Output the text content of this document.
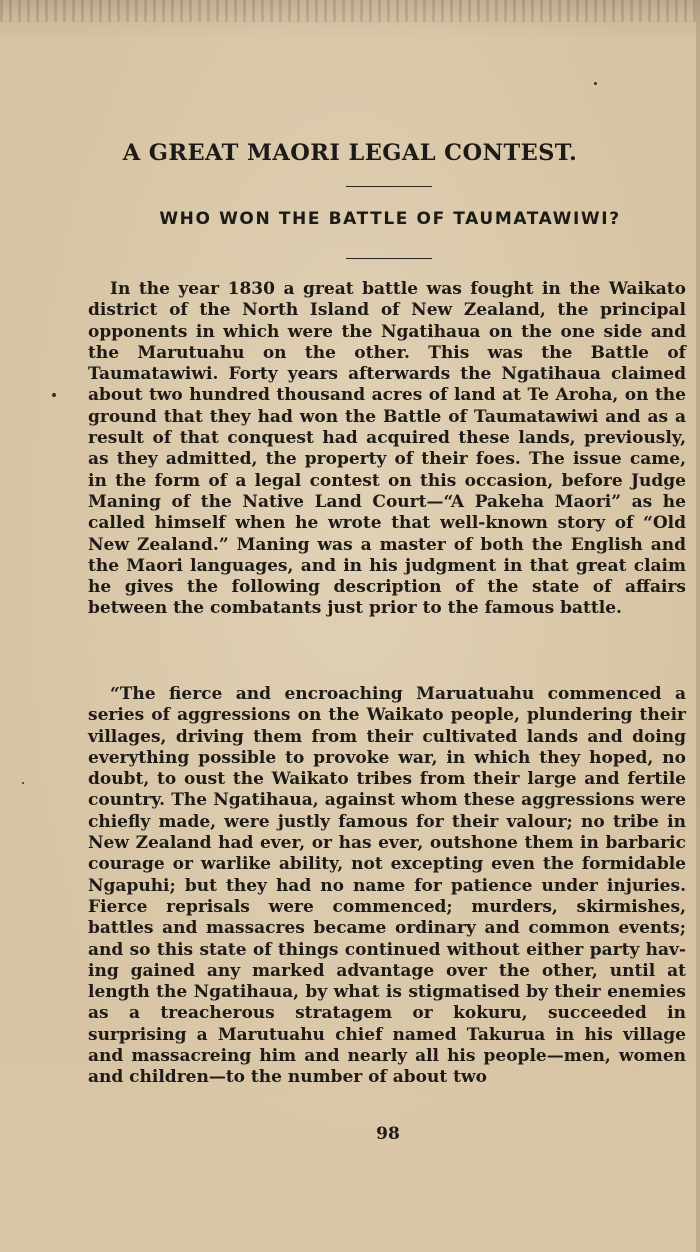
A GREAT MAORI LEGAL CONTEST.
WHO WON THE BATTLE OF TAUMATAWIWI?

In the year 1830 a great battle was fought in the Waikato district of the North Island of New Zealand, the principal opponents in which were the Ngatihaua on the one side and the Marutuahu on the other. This was the Battle of Taumatawiwi. Forty years afterwards the Ngatihaua claimed about two hundred thousand acres of land at Te Aroha, on the ground that they had won the Battle of Taumatawiwi and as a result of that conquest had acquired these lands, previously, as they admitted, the property of their foes. The issue came, in the form of a legal contest on this occasion, before Judge Maning of the Native Land Court—“A Pakeha Maori” as he called himself when he wrote that well-known story of “Old New Zealand.” Maning was a master of both the English and the Maori languages, and in his judgment in that great claim he gives the following description of the state of affairs between the combatants just prior to the famous battle.

“The fierce and encroaching Maruatuahu commenced a series of aggressions on the Waikato people, plundering their villages, driving them from their cultivated lands and doing everything possible to provoke war, in which they hoped, no doubt, to oust the Waikato tribes from their large and fertile country. The Ngatihaua, against whom these aggressions were chiefly made, were justly famous for their valour; no tribe in New Zealand had ever, or has ever, outshone them in barbaric courage or warlike ability, not excepting even the formidable Ngapuhi; but they had no name for patience under injuries. Fierce reprisals were commenced; murders, skirmishes, battles and massacres became ordinary and common events; and so this state of things continued without either party having gained any marked advantage over the other, until at length the Ngatihaua, by what is stigmatised by their enemies as a treacherous stratagem or kokuru, succeeded in surprising a Marutuahu chief named Takurua in his village and massacreing him and nearly all his people—men, women and children—to the number of about two

98
